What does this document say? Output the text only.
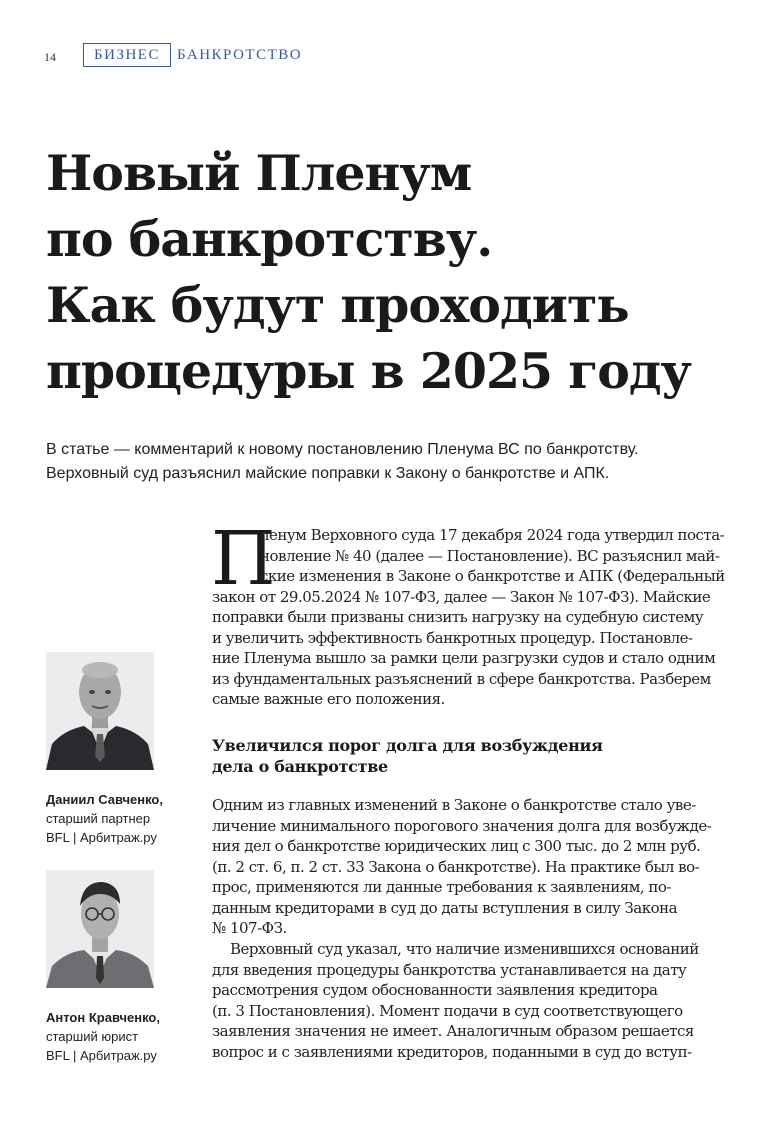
14	БИЗНЕС	БАНКРОТСТВО
Новый Пленум
по банкротству.
Как будут проходить
процедуры в 2025 году
В статье — комментарий к новому постановлению Пленума ВС по банкротству.
Верховный суд разъяснил майские поправки к Закону о банкротстве и АПК.
Даниил Савченко,
старший партнер
BFL | Арбитраж.ру
Антон Кравченко,
старший юрист
BFL | Арбитраж.ру
П
ленум Верховного суда 17 декабря 2024 года утвердил поста-
новление № 40 (далее — Постановление). ВС разъяснил май-
ские изменения в Законе о банкротстве и АПК (Федеральный
закон от 29.05.2024 № 107-ФЗ, далее — Закон № 107-ФЗ). Майские
поправки были призваны снизить нагрузку на судебную систему
и увеличить эффективность банкротных процедур. Постановле-
ние Пленума вышло за рамки цели разгрузки судов и стало одним
из фундаментальных разъяснений в сфере банкротства. Разберем
самые важные его положения.
Увеличился порог долга для возбуждения
дела о банкротстве
Одним из главных изменений в Законе о банкротстве стало уве-
личение минимального порогового значения долга для возбужде-
ния дел о банкротстве юридических лиц с 300 тыс. до 2 млн руб.
(п. 2 ст. 6, п. 2 ст. 33 Закона о банкротстве). На практике был во-
прос, применяются ли данные требования к заявлениям, по-
данным кредиторами в суд до даты вступления в силу Закона
№ 107-ФЗ.
Верховный суд указал, что наличие изменившихся оснований
для введения процедуры банкротства устанавливается на дату
рассмотрения судом обоснованности заявления кредитора
(п. 3 Постановления). Момент подачи в суд соответствующего
заявления значения не имеет. Аналогичным образом решается
вопрос и с заявлениями кредиторов, поданными в суд до вступ-
